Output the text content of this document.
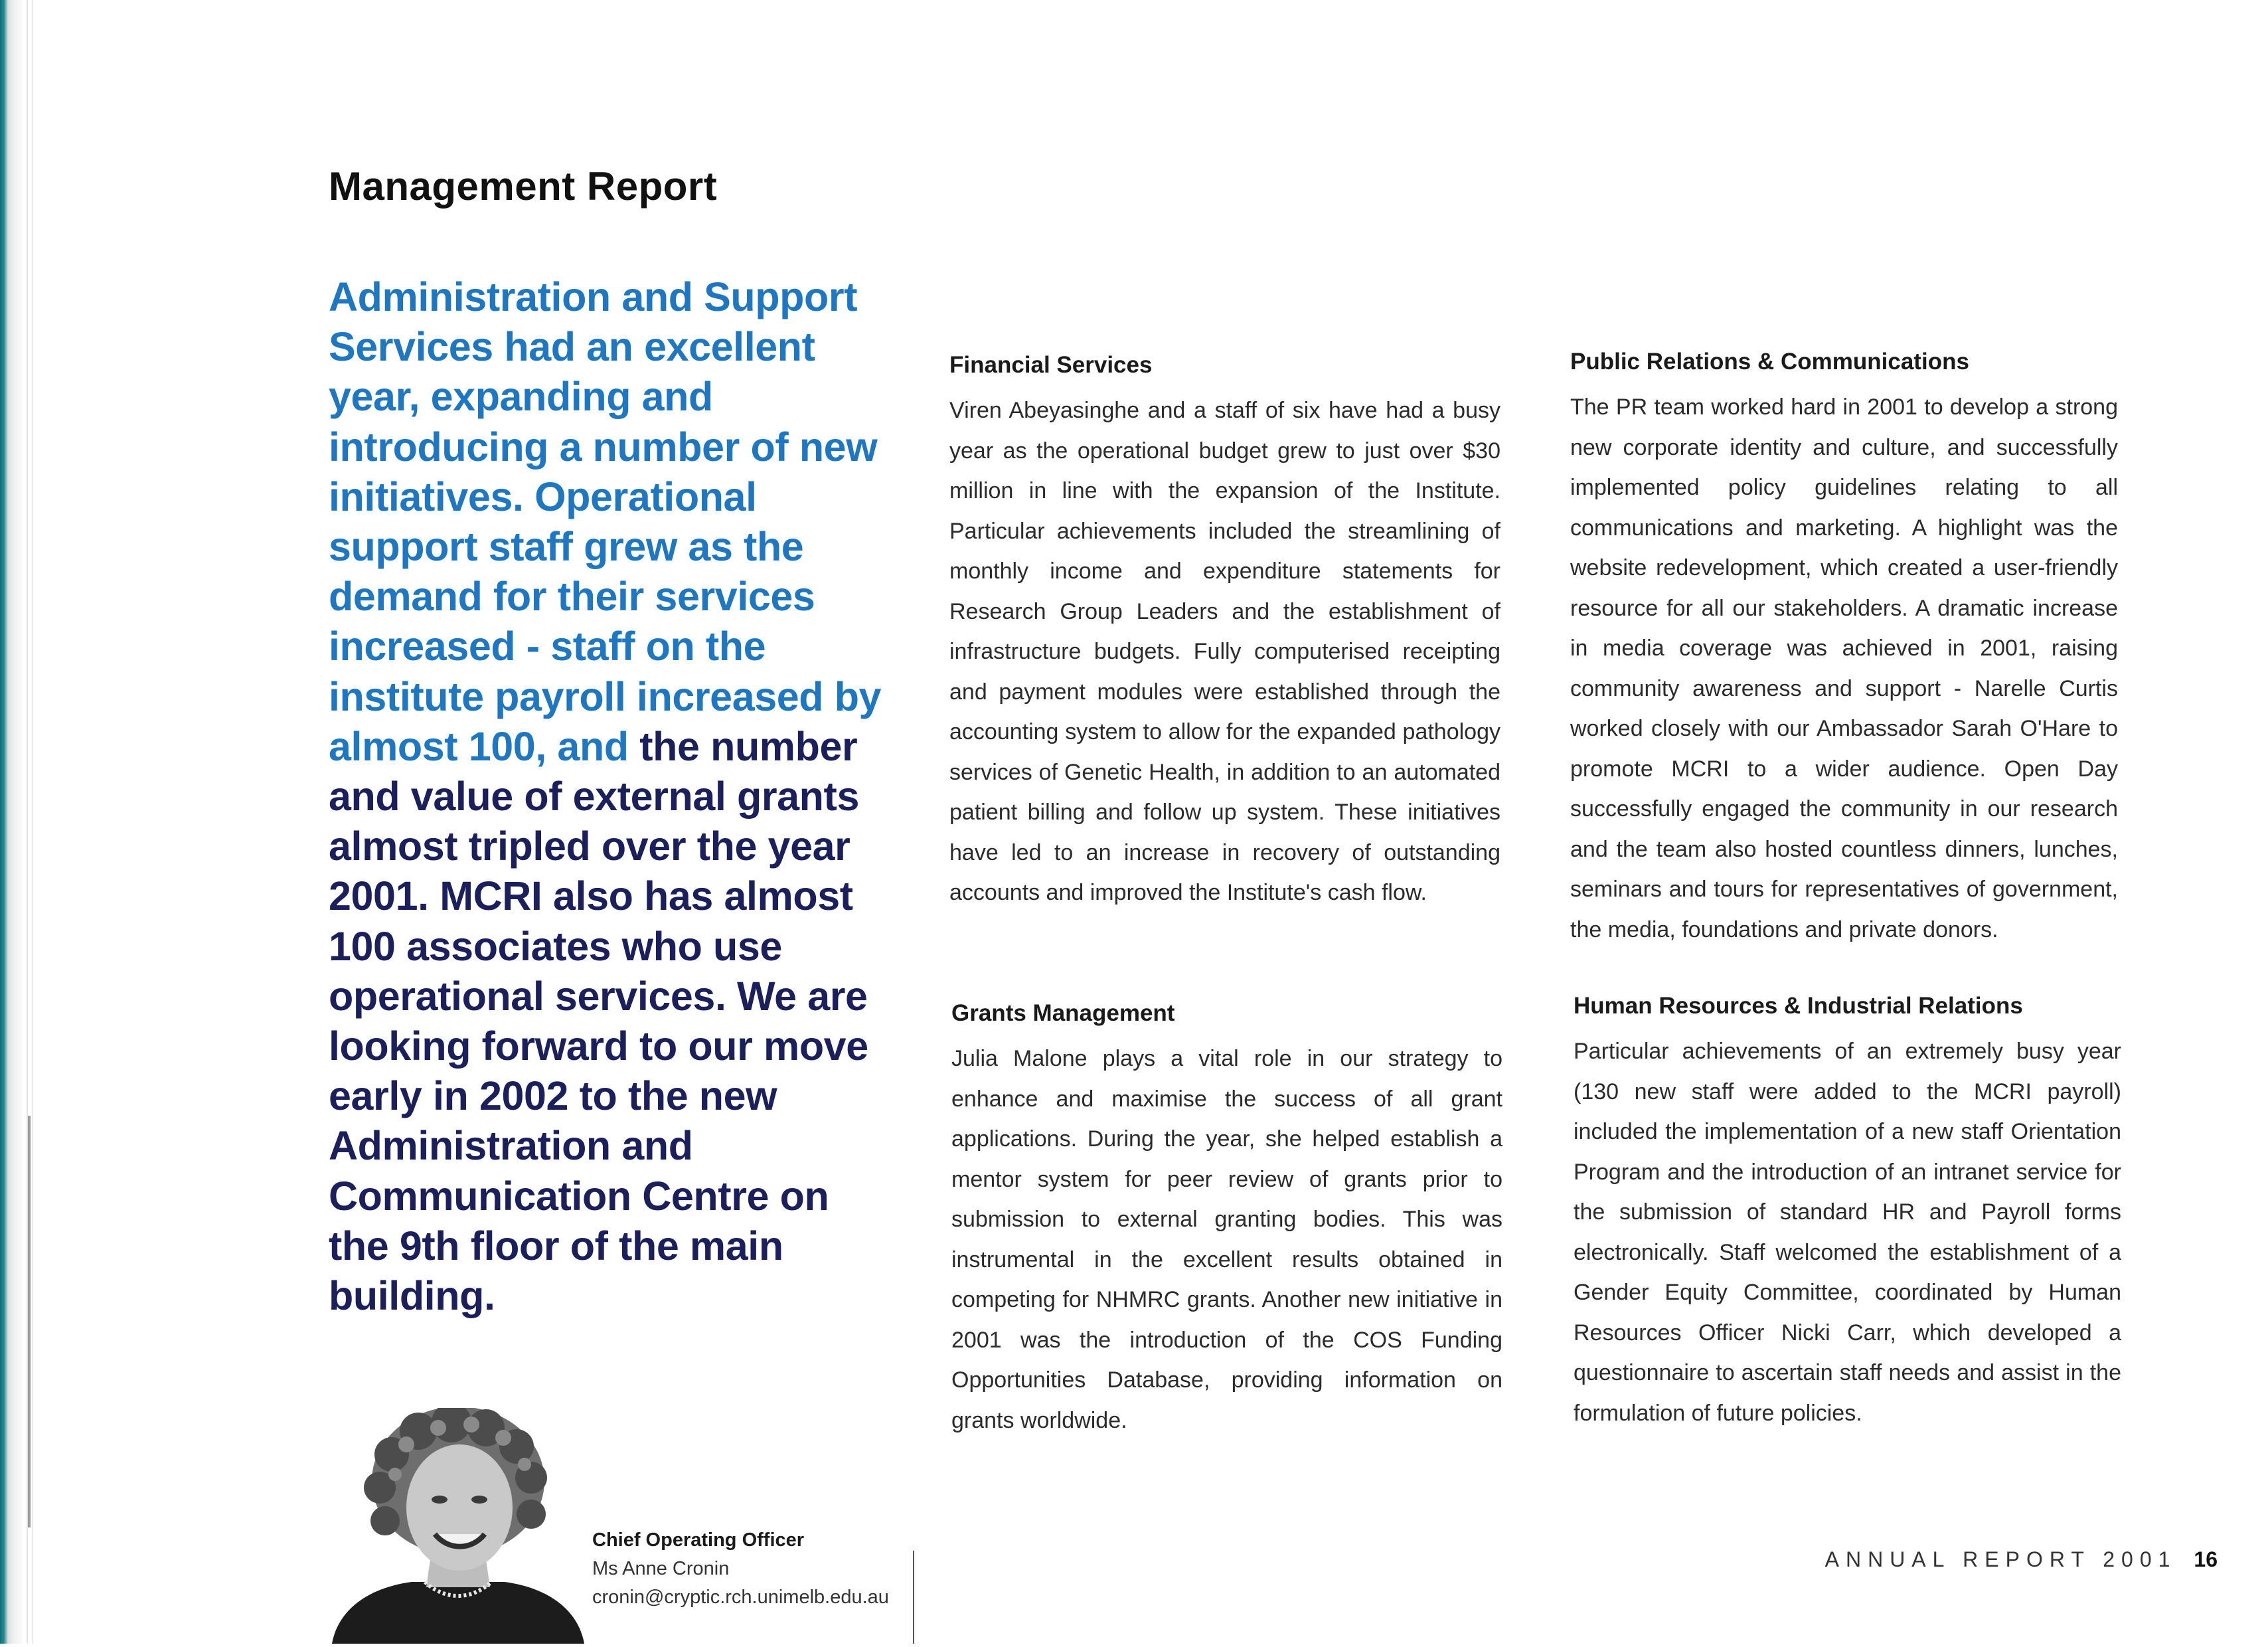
Management Report

Administration and Support Services had an excellent year, expanding and introducing a number of new initiatives. Operational support staff grew as the demand for their services increased - staff on the institute payroll increased by almost 100, and the number and value of external grants almost tripled over the year 2001. MCRI also has almost 100 associates who use operational services. We are looking forward to our move early in 2002 to the new Administration and Communication Centre on the 9th floor of the main building.

Financial Services

Viren Abeyasinghe and a staff of six have had a busy year as the operational budget grew to just over $30 million in line with the expansion of the Institute. Particular achievements included the streamlining of monthly income and expenditure statements for Research Group Leaders and the establishment of infrastructure budgets. Fully computerised receipting and payment modules were established through the accounting system to allow for the expanded pathology services of Genetic Health, in addition to an automated patient billing and follow up system. These initiatives have led to an increase in recovery of outstanding accounts and improved the Institute's cash flow.

Grants Management

Julia Malone plays a vital role in our strategy to enhance and maximise the success of all grant applications. During the year, she helped establish a mentor system for peer review of grants prior to submission to external granting bodies. This was instrumental in the excellent results obtained in competing for NHMRC grants. Another new initiative in 2001 was the introduction of the COS Funding Opportunities Database, providing information on grants worldwide.

Public Relations & Communications

The PR team worked hard in 2001 to develop a strong new corporate identity and culture, and successfully implemented policy guidelines relating to all communications and marketing. A highlight was the website redevelopment, which created a user-friendly resource for all our stakeholders. A dramatic increase in media coverage was achieved in 2001, raising community awareness and support - Narelle Curtis worked closely with our Ambassador Sarah O'Hare to promote MCRI to a wider audience. Open Day successfully engaged the community in our research and the team also hosted countless dinners, lunches, seminars and tours for representatives of government, the media, foundations and private donors.

Human Resources & Industrial Relations

Particular achievements of an extremely busy year (130 new staff were added to the MCRI payroll) included the implementation of a new staff Orientation Program and the introduction of an intranet service for the submission of standard HR and Payroll forms electronically. Staff welcomed the establishment of a Gender Equity Committee, coordinated by Human Resources Officer Nicki Carr, which developed a questionnaire to ascertain staff needs and assist in the formulation of future policies.

Chief Operating Officer
Ms Anne Cronin
cronin@cryptic.rch.unimelb.edu.au
ANNUAL REPORT 2001 16
